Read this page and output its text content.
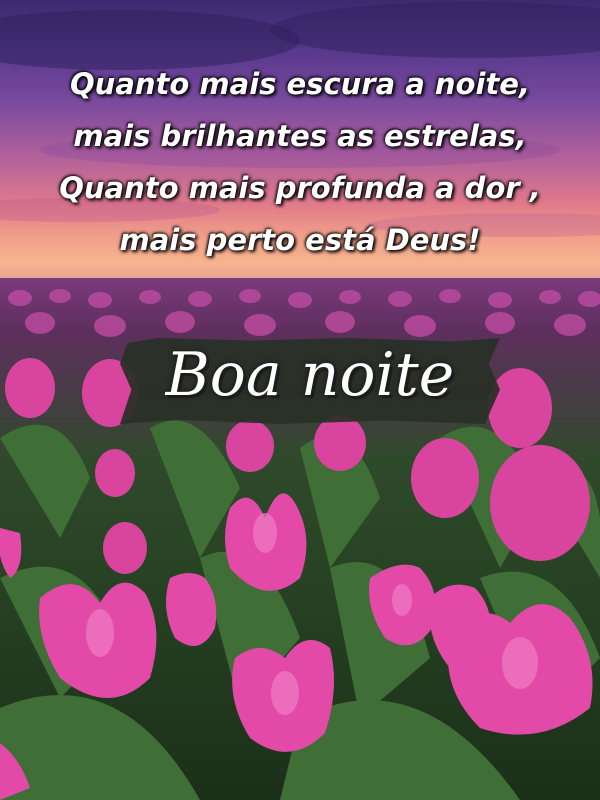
Quanto mais escura a noite,
mais brilhantes as estrelas,
Quanto mais profunda a dor ,
mais perto está Deus!
Boa noite
